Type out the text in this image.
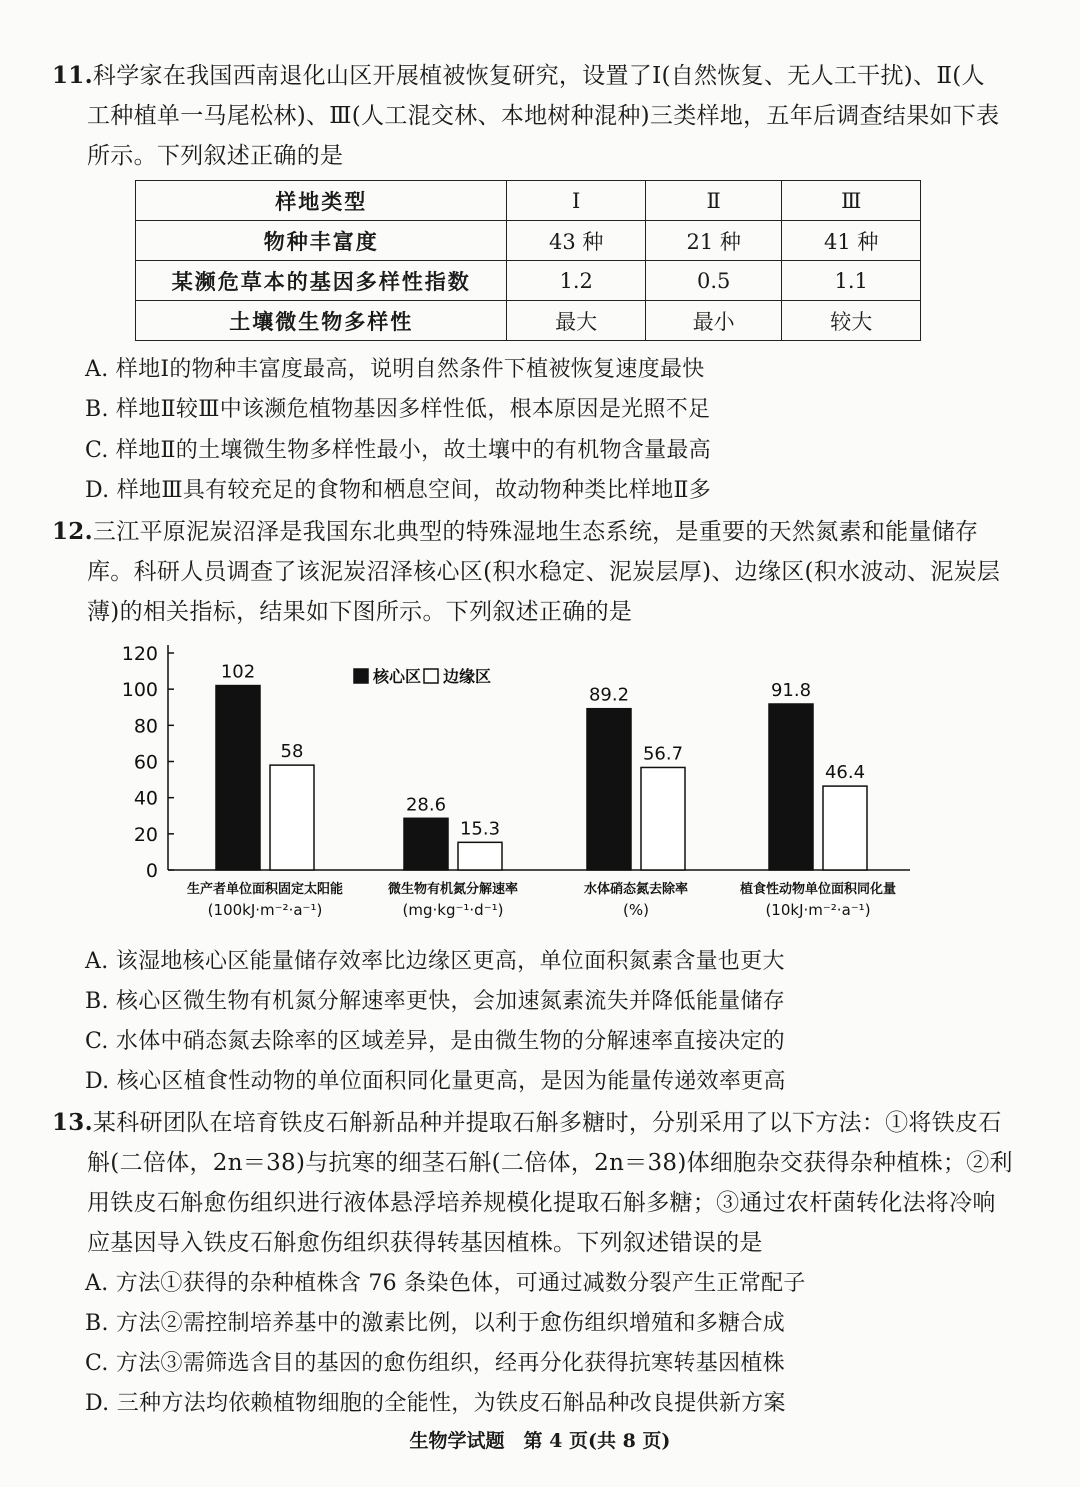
11.科学家在我国西南退化山区开展植被恢复研究，设置了Ⅰ(自然恢复、无人工干扰)、Ⅱ(人
工种植单一马尾松林)、Ⅲ(人工混交林、本地树种混种)三类样地，五年后调查结果如下表
所示。下列叙述正确的是
样地类型	Ⅰ	Ⅱ	Ⅲ
物种丰富度	43 种	21 种	41 种
某濒危草本的基因多样性指数	1.2	0.5	1.1
土壤微生物多样性	最大	最小	较大
A. 样地Ⅰ的物种丰富度最高，说明自然条件下植被恢复速度最快
B. 样地Ⅱ较Ⅲ中该濒危植物基因多样性低，根本原因是光照不足
C. 样地Ⅱ的土壤微生物多样性最小，故土壤中的有机物含量最高
D. 样地Ⅲ具有较充足的食物和栖息空间，故动物种类比样地Ⅱ多
12.三江平原泥炭沼泽是我国东北典型的特殊湿地生态系统，是重要的天然氮素和能量储存
库。科研人员调查了该泥炭沼泽核心区(积水稳定、泥炭层厚)、边缘区(积水波动、泥炭层
薄)的相关指标，结果如下图所示。下列叙述正确的是
0
20
40
60
80
100
120
102
58
生产者单位面积固定太阳能
(100kJ·m⁻²·a⁻¹)
28.6
15.3
微生物有机氮分解速率
(mg·kg⁻¹·d⁻¹)
89.2
56.7
水体硝态氮去除率
(%)
91.8
46.4
植食性动物单位面积同化量
(10kJ·m⁻²·a⁻¹)
核心区 边缘区
A. 该湿地核心区能量储存效率比边缘区更高，单位面积氮素含量也更大
B. 核心区微生物有机氮分解速率更快，会加速氮素流失并降低能量储存
C. 水体中硝态氮去除率的区域差异，是由微生物的分解速率直接决定的
D. 核心区植食性动物的单位面积同化量更高，是因为能量传递效率更高
13.某科研团队在培育铁皮石斛新品种并提取石斛多糖时，分别采用了以下方法：①将铁皮石
斛(二倍体，2n＝38)与抗寒的细茎石斛(二倍体，2n＝38)体细胞杂交获得杂种植株；②利
用铁皮石斛愈伤组织进行液体悬浮培养规模化提取石斛多糖；③通过农杆菌转化法将冷响
应基因导入铁皮石斛愈伤组织获得转基因植株。下列叙述错误的是
A. 方法①获得的杂种植株含 76 条染色体，可通过减数分裂产生正常配子
B. 方法②需控制培养基中的激素比例，以利于愈伤组织增殖和多糖合成
C. 方法③需筛选含目的基因的愈伤组织，经再分化获得抗寒转基因植株
D. 三种方法均依赖植物细胞的全能性，为铁皮石斛品种改良提供新方案
生物学试题　第 4 页(共 8 页)
